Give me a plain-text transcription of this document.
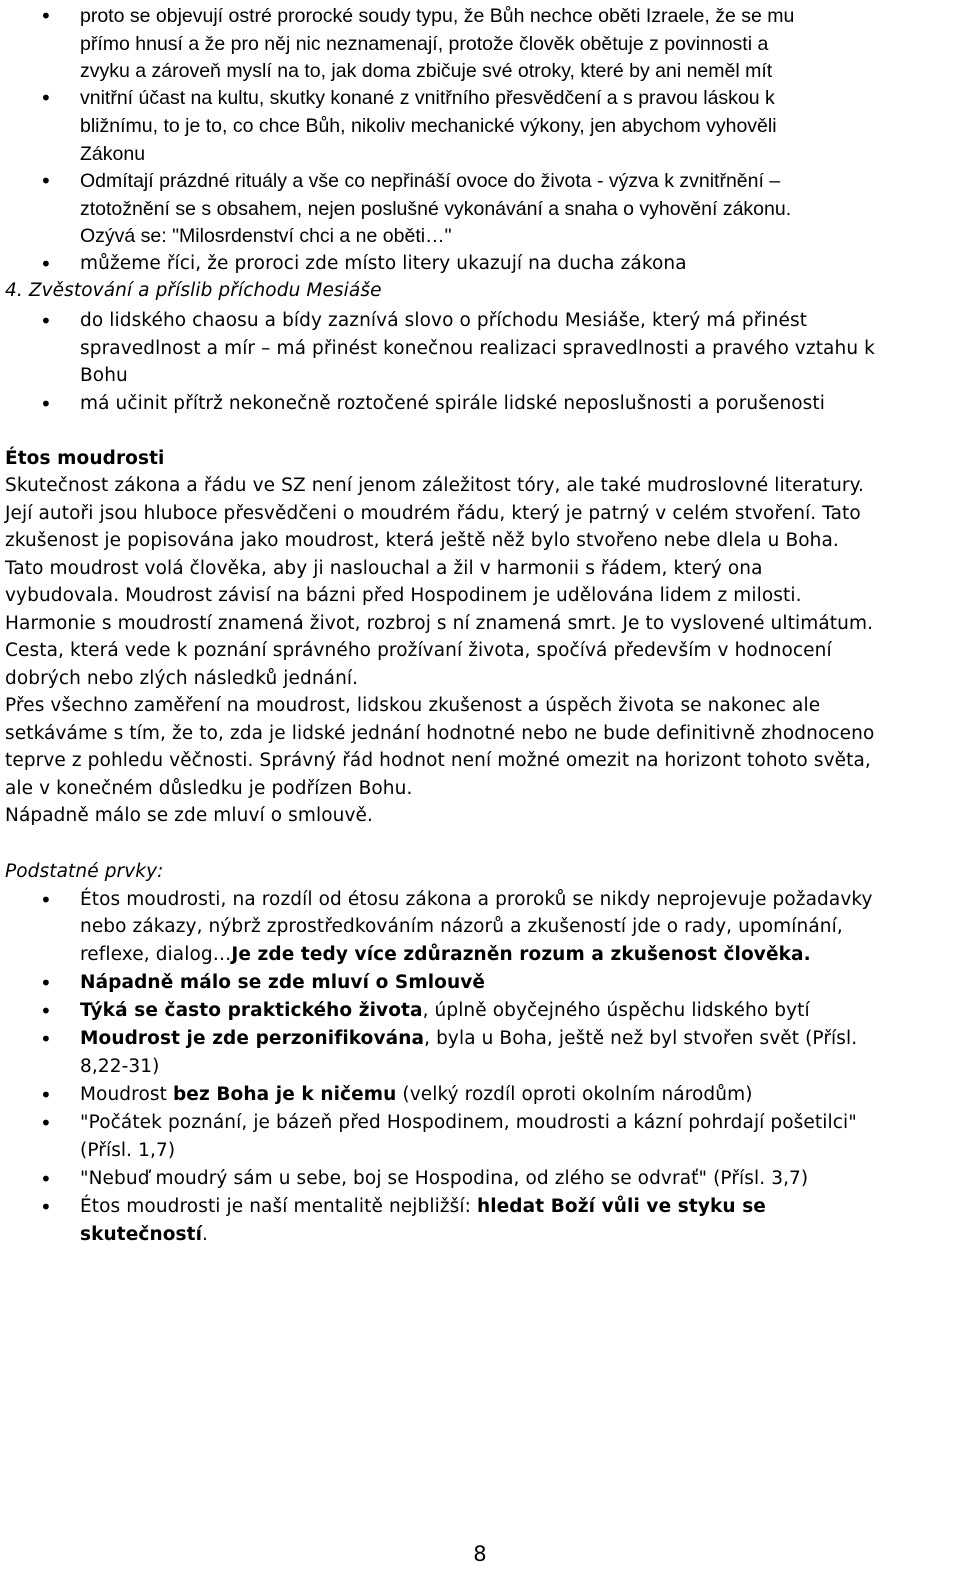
• proto se objevují ostré prorocké soudy typu, že Bůh nechce oběti Izraele, že se mu
přímo hnusí a že pro něj nic neznamenají, protože člověk obětuje z povinnosti a
zvyku a zároveň myslí na to, jak doma zbičuje své otroky, které by ani neměl mít
• vnitřní účast na kultu, skutky konané z vnitřního přesvědčení a s pravou láskou k
bližnímu, to je to, co chce Bůh, nikoliv mechanické výkony, jen abychom vyhověli
Zákonu
• Odmítají prázdné rituály a vše co nepřináší ovoce do života - výzva k zvnitřnění –
ztotožnění se s obsahem, nejen poslušné vykonávání a snaha o vyhovění zákonu.
Ozývá se: "Milosrdenství chci a ne oběti…"
• můžeme říci, že proroci zde místo litery ukazují na ducha zákona
4. Zvěstování a příslib příchodu Mesiáše
• do lidského chaosu a bídy zaznívá slovo o příchodu Mesiáše, který má přinést
spravedlnost a mír – má přinést konečnou realizaci spravedlnosti a pravého vztahu k
Bohu
• má učinit přítrž nekonečně roztočené spirále lidské neposlušnosti a porušenosti
Étos moudrosti
Skutečnost zákona a řádu ve SZ není jenom záležitost tóry, ale také mudroslovné literatury.
Její autoři jsou hluboce přesvědčeni o moudrém řádu, který je patrný v celém stvoření. Tato
zkušenost je popisována jako moudrost, která ještě něž bylo stvořeno nebe dlela u Boha.
Tato moudrost volá člověka, aby ji naslouchal a žil v harmonii s řádem, který ona
vybudovala. Moudrost závisí na bázni před Hospodinem je udělována lidem z milosti.
Harmonie s moudrostí znamená život, rozbroj s ní znamená smrt. Je to vyslovené ultimátum.
Cesta, která vede k poznání správného prožívaní života, spočívá především v hodnocení
dobrých nebo zlých následků jednání.
Přes všechno zaměření na moudrost, lidskou zkušenost a úspěch života se nakonec ale
setkáváme s tím, že to, zda je lidské jednání hodnotné nebo ne bude definitivně zhodnoceno
teprve z pohledu věčnosti. Správný řád hodnot není možné omezit na horizont tohoto světa,
ale v konečném důsledku je podřízen Bohu.
Nápadně málo se zde mluví o smlouvě.
Podstatné prvky:
• Étos moudrosti, na rozdíl od étosu zákona a proroků se nikdy neprojevuje požadavky
nebo zákazy, nýbrž zprostředkováním názorů a zkušeností jde o rady, upomínání,
reflexe, dialog…Je zde tedy více zdůrazněn rozum a zkušenost člověka.
• Nápadně málo se zde mluví o Smlouvě
• Týká se často praktického života, úplně obyčejného úspěchu lidského bytí
• Moudrost je zde perzonifikována, byla u Boha, ještě než byl stvořen svět (Přísl.
8,22-31)
• Moudrost bez Boha je k ničemu (velký rozdíl oproti okolním národům)
• "Počátek poznání, je bázeň před Hospodinem, moudrosti a kázní pohrdají pošetilci"
(Přísl. 1,7)
• "Nebuď moudrý sám u sebe, boj se Hospodina, od zlého se odvrať" (Přísl. 3,7)
• Étos moudrosti je naší mentalitě nejbližší: hledat Boží vůli ve styku se
skutečností.
8
